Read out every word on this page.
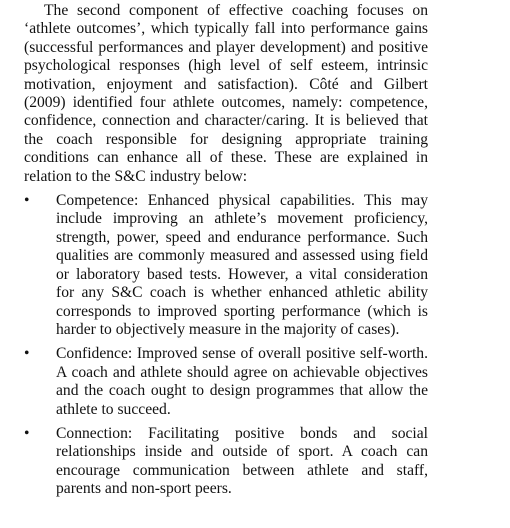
The second component of effective coaching focuses on ‘athlete outcomes’, which typically fall into performance gains (successful performances and player development) and positive psychological responses (high level of self esteem, intrinsic motivation, enjoyment and satisfaction). Côté and Gilbert (2009) identified four athlete outcomes, namely: competence, confidence, connection and character/caring. It is believed that the coach responsible for designing appropriate training conditions can enhance all of these. These are explained in relation to the S&C industry below:

• Competence: Enhanced physical capabilities. This may include improving an athlete’s movement proficiency, strength, power, speed and endurance performance. Such qualities are commonly measured and assessed using field or laboratory based tests. However, a vital consideration for any S&C coach is whether enhanced athletic ability corresponds to improved sporting performance (which is harder to objectively measure in the majority of cases).

• Confidence: Improved sense of overall positive self-worth. A coach and athlete should agree on achievable objectives and the coach ought to design programmes that allow the athlete to succeed.

• Connection: Facilitating positive bonds and social relationships inside and outside of sport. A coach can encourage communication between athlete and staff, parents and non-sport peers.
